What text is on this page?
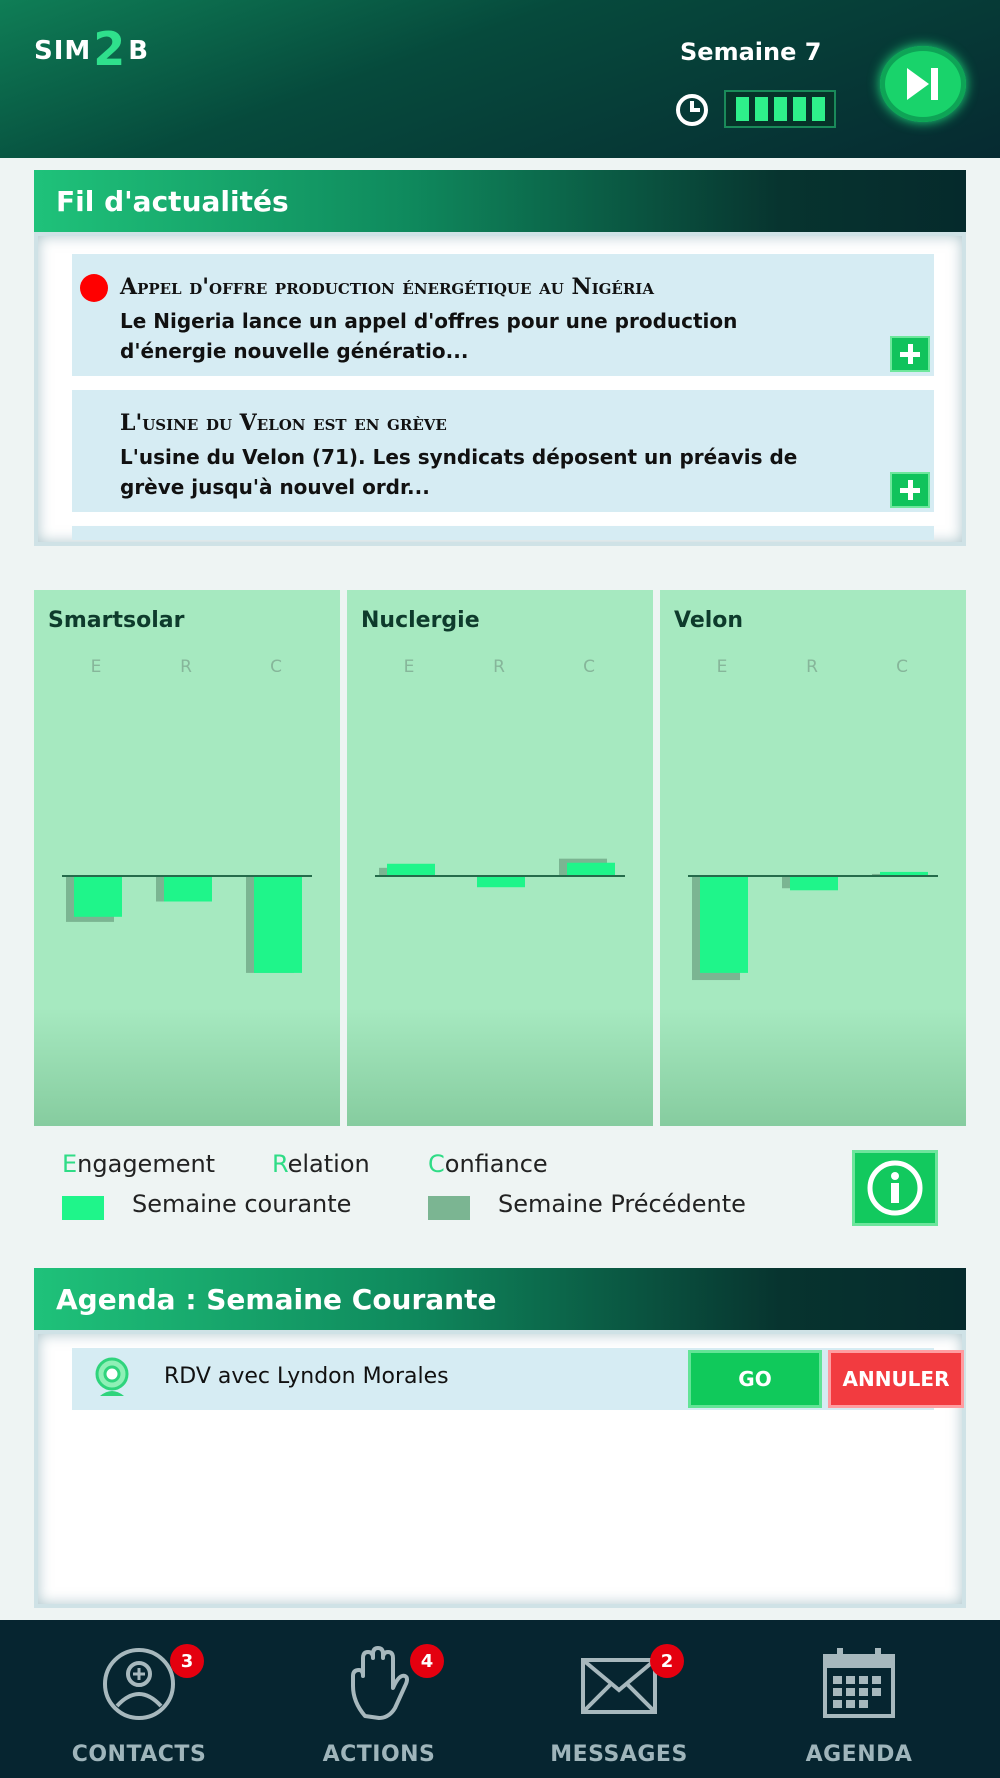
SIM2B	Semaine 7
Fil d'actualités
Appel d'offre production énergétique au Nigéria
Le Nigeria lance un appel d'offres pour une production d'énergie nouvelle génératio...
L'usine du Velon est en grève
L'usine du Velon (71). Les syndicats déposent un préavis de grève jusqu'à nouvel ordr...
Smartsolar
E	R	C
Nuclergie
E	R	C
Velon
E	R	C
Engagement Relation Confiance
Semaine courante	Semaine Précédente
Agenda : Semaine Courante
RDV avec Lyndon Morales	GO	ANNULER
3
CONTACTS
4
ACTIONS
2
MESSAGES	AGENDA
